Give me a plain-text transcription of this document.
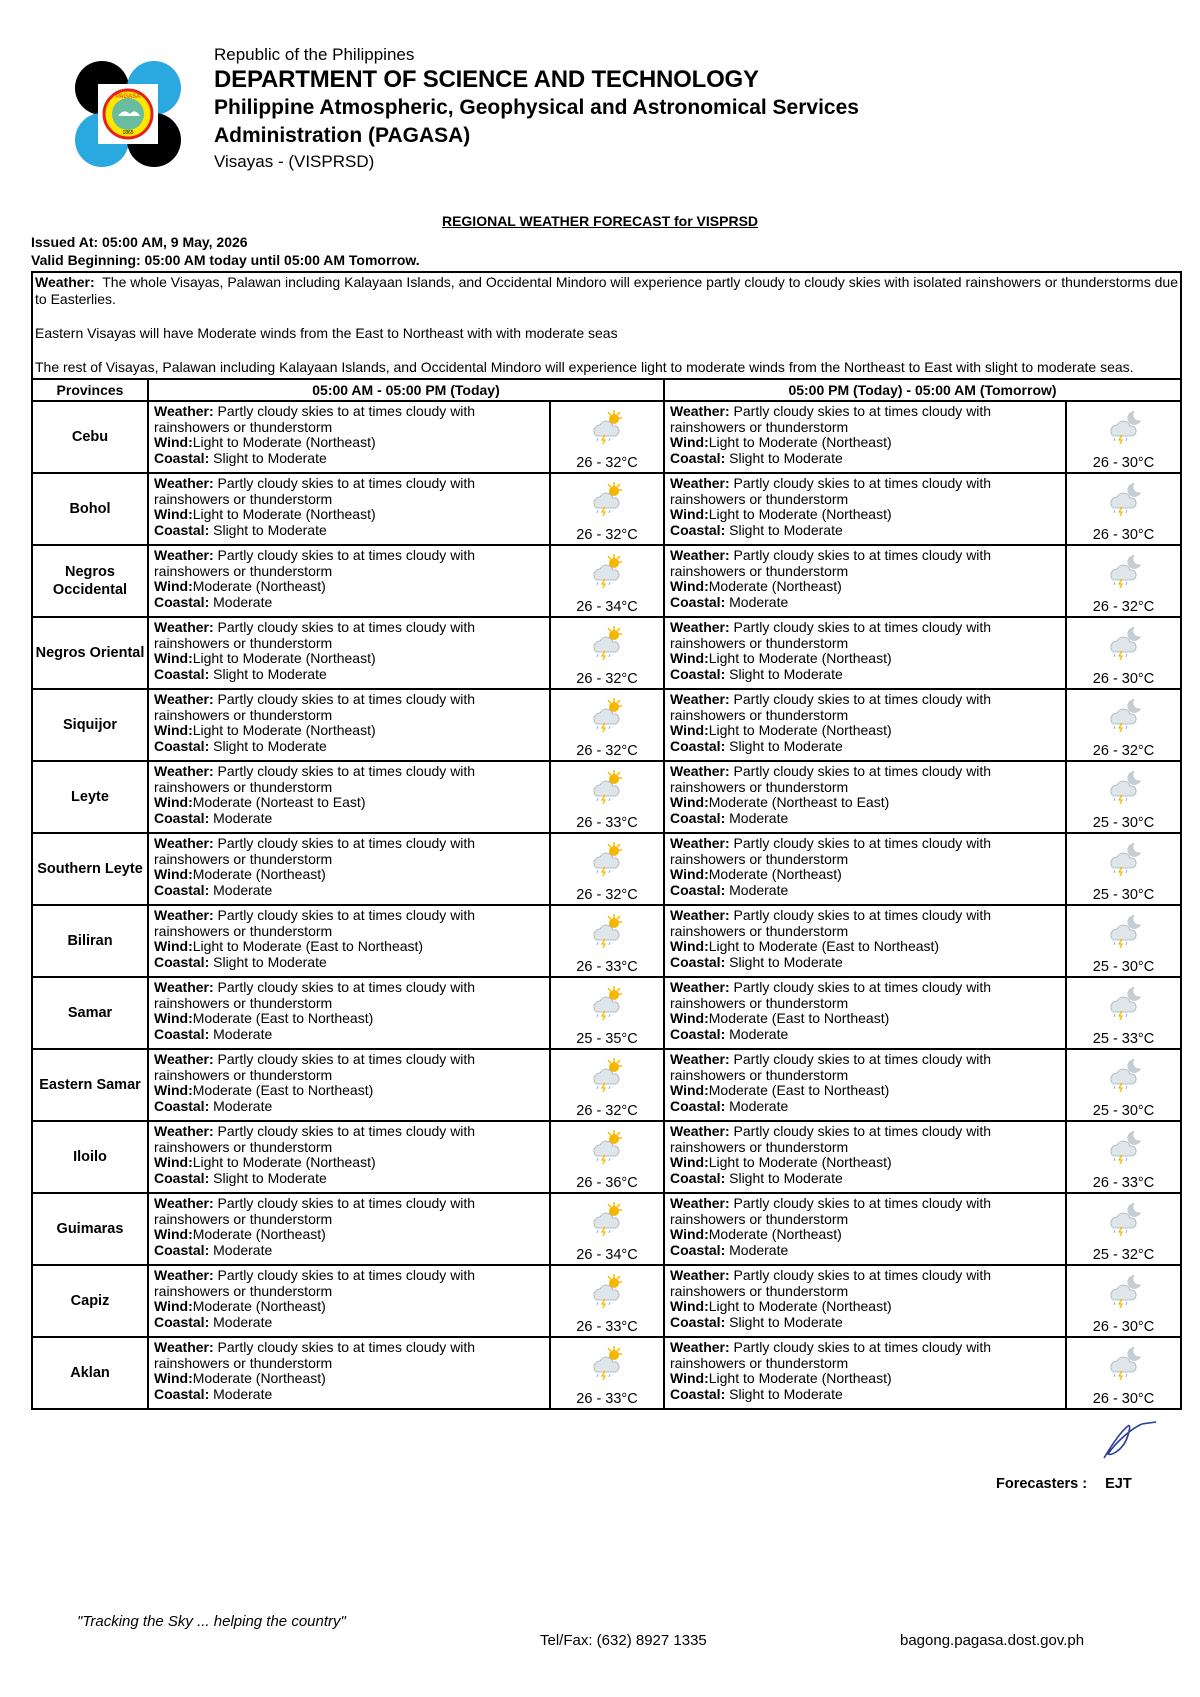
PAGASA
1865
Republic of the Philippines
DEPARTMENT OF SCIENCE AND TECHNOLOGY
Philippine Atmospheric, Geophysical and Astronomical Services
Administration (PAGASA)
Visayas - (VISPRSD)
REGIONAL WEATHER FORECAST for VISPRSD
Issued At: 05:00 AM, 9 May, 2026
Valid Beginning: 05:00 AM today until 05:00 AM Tomorrow.

Weather: The whole Visayas, Palawan including Kalayaan Islands, and Occidental Mindoro will experience partly cloudy to cloudy skies with isolated rainshowers or thunderstorms due to Easterlies.

Eastern Visayas will have Moderate winds from the East to Northeast with with moderate seas

The rest of Visayas, Palawan including Kalayaan Islands, and Occidental Mindoro will experience light to moderate winds from the Northeast to East with slight to moderate seas.				

Provinces	05:00 AM - 05:00 PM (Today)		05:00 PM (Today) - 05:00 AM (Tomorrow)	
Cebu	Weather: Partly cloudy skies to at times cloudy with rainshowers or thunderstorm
Wind:Light to Moderate (Northeast)
Coastal: Slight to Moderate	26 - 32°C	Weather: Partly cloudy skies to at times cloudy with rainshowers or thunderstorm
Wind:Light to Moderate (Northeast)
Coastal: Slight to Moderate	26 - 30°C

Bohol	Weather: Partly cloudy skies to at times cloudy with rainshowers or thunderstorm
Wind:Light to Moderate (Northeast)
Coastal: Slight to Moderate	26 - 32°C	Weather: Partly cloudy skies to at times cloudy with rainshowers or thunderstorm
Wind:Light to Moderate (Northeast)
Coastal: Slight to Moderate	26 - 30°C

Negros Occidental	Weather: Partly cloudy skies to at times cloudy with rainshowers or thunderstorm
Wind:Moderate (Northeast)
Coastal: Moderate	26 - 34°C	Weather: Partly cloudy skies to at times cloudy with rainshowers or thunderstorm
Wind:Moderate (Northeast)
Coastal: Moderate	26 - 32°C

Negros Oriental	Weather: Partly cloudy skies to at times cloudy with rainshowers or thunderstorm
Wind:Light to Moderate (Northeast)
Coastal: Slight to Moderate	26 - 32°C	Weather: Partly cloudy skies to at times cloudy with rainshowers or thunderstorm
Wind:Light to Moderate (Northeast)
Coastal: Slight to Moderate	26 - 30°C

Siquijor	Weather: Partly cloudy skies to at times cloudy with rainshowers or thunderstorm
Wind:Light to Moderate (Northeast)
Coastal: Slight to Moderate	26 - 32°C	Weather: Partly cloudy skies to at times cloudy with rainshowers or thunderstorm
Wind:Light to Moderate (Northeast)
Coastal: Slight to Moderate	26 - 32°C

Leyte	Weather: Partly cloudy skies to at times cloudy with rainshowers or thunderstorm
Wind:Moderate (Norteast to East)
Coastal: Moderate	26 - 33°C	Weather: Partly cloudy skies to at times cloudy with rainshowers or thunderstorm
Wind:Moderate (Northeast to East)
Coastal: Moderate	25 - 30°C

Southern Leyte	Weather: Partly cloudy skies to at times cloudy with rainshowers or thunderstorm
Wind:Moderate (Northeast)
Coastal: Moderate	26 - 32°C	Weather: Partly cloudy skies to at times cloudy with rainshowers or thunderstorm
Wind:Moderate (Northeast)
Coastal: Moderate	25 - 30°C

Biliran	Weather: Partly cloudy skies to at times cloudy with rainshowers or thunderstorm
Wind:Light to Moderate (East to Northeast)
Coastal: Slight to Moderate	26 - 33°C	Weather: Partly cloudy skies to at times cloudy with rainshowers or thunderstorm
Wind:Light to Moderate (East to Northeast)
Coastal: Slight to Moderate	25 - 30°C

Samar	Weather: Partly cloudy skies to at times cloudy with rainshowers or thunderstorm
Wind:Moderate (East to Northeast)
Coastal: Moderate	25 - 35°C	Weather: Partly cloudy skies to at times cloudy with rainshowers or thunderstorm
Wind:Moderate (East to Northeast)
Coastal: Moderate	25 - 33°C

Eastern Samar	Weather: Partly cloudy skies to at times cloudy with rainshowers or thunderstorm
Wind:Moderate (East to Northeast)
Coastal: Moderate	26 - 32°C	Weather: Partly cloudy skies to at times cloudy with rainshowers or thunderstorm
Wind:Moderate (East to Northeast)
Coastal: Moderate	25 - 30°C

Iloilo	Weather: Partly cloudy skies to at times cloudy with rainshowers or thunderstorm
Wind:Light to Moderate (Northeast)
Coastal: Slight to Moderate	26 - 36°C	Weather: Partly cloudy skies to at times cloudy with rainshowers or thunderstorm
Wind:Light to Moderate (Northeast)
Coastal: Slight to Moderate	26 - 33°C

Guimaras	Weather: Partly cloudy skies to at times cloudy with rainshowers or thunderstorm
Wind:Moderate (Northeast)
Coastal: Moderate	26 - 34°C	Weather: Partly cloudy skies to at times cloudy with rainshowers or thunderstorm
Wind:Moderate (Northeast)
Coastal: Moderate	25 - 32°C

Capiz	Weather: Partly cloudy skies to at times cloudy with rainshowers or thunderstorm
Wind:Moderate (Northeast)
Coastal: Moderate	26 - 33°C	Weather: Partly cloudy skies to at times cloudy with rainshowers or thunderstorm
Wind:Light to Moderate (Northeast)
Coastal: Slight to Moderate	26 - 30°C

Aklan	Weather: Partly cloudy skies to at times cloudy with rainshowers or thunderstorm
Wind:Moderate (Northeast)
Coastal: Moderate	26 - 33°C	Weather: Partly cloudy skies to at times cloudy with rainshowers or thunderstorm
Wind:Light to Moderate (Northeast)
Coastal: Slight to Moderate	26 - 30°C
Forecasters : EJT
"Tracking the Sky ... helping the country"
Tel/Fax: (632) 8927 1335	bagong.pagasa.dost.gov.ph
